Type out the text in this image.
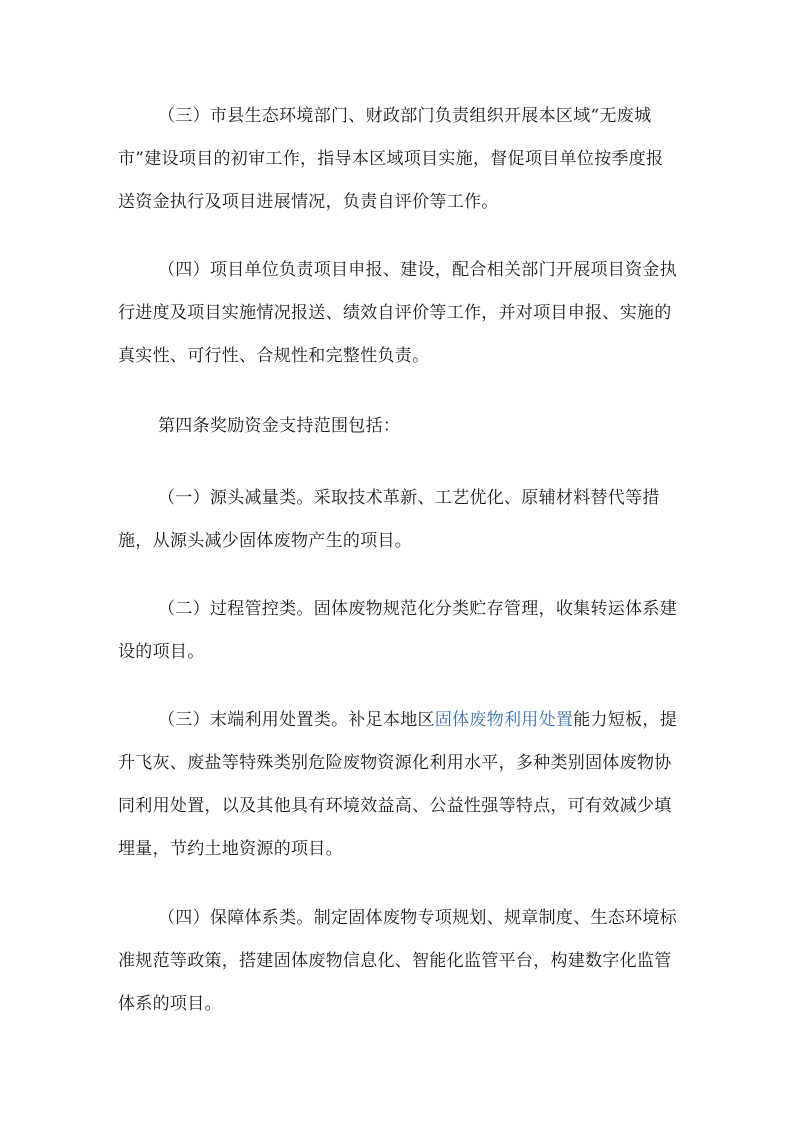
（三）市县生态环境部门、财政部门负责组织开展本区域“无废城市”建设项目的初审工作，指导本区域项目实施，督促项目单位按季度报送资金执行及项目进展情况，负责自评价等工作。

（四）项目单位负责项目申报、建设，配合相关部门开展项目资金执行进度及项目实施情况报送、绩效自评价等工作，并对项目申报、实施的真实性、可行性、合规性和完整性负责。

第四条奖励资金支持范围包括：

（一）源头减量类。采取技术革新、工艺优化、原辅材料替代等措施，从源头减少固体废物产生的项目。

（二）过程管控类。固体废物规范化分类贮存管理，收集转运体系建设的项目。

（三）末端利用处置类。补足本地区固体废物利用处置能力短板，提升飞灰、废盐等特殊类别危险废物资源化利用水平，多种类别固体废物协同利用处置，以及其他具有环境效益高、公益性强等特点，可有效减少填埋量，节约土地资源的项目。

（四）保障体系类。制定固体废物专项规划、规章制度、生态环境标准规范等政策，搭建固体废物信息化、智能化监管平台，构建数字化监管体系的项目。
